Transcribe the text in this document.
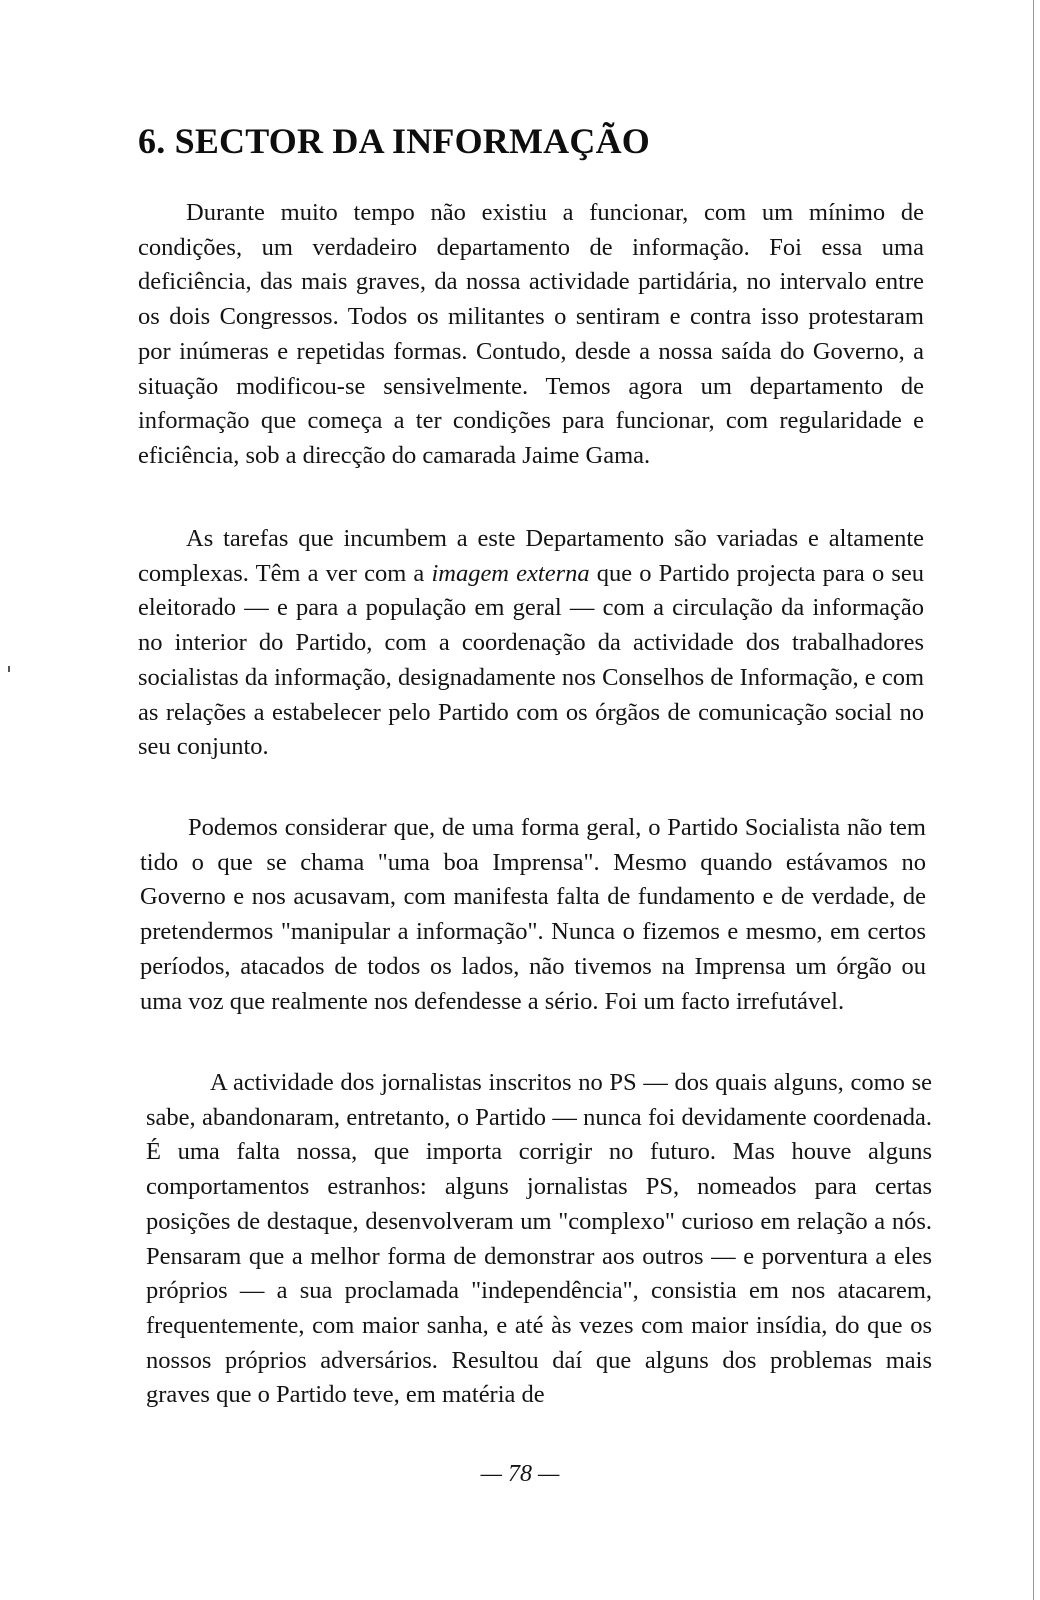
6. SECTOR DA INFORMAÇÃO

Durante muito tempo não existiu a funcionar, com um mínimo de condições, um verdadeiro departamento de informação. Foi essa uma deficiência, das mais graves, da nossa actividade partidária, no intervalo entre os dois Congressos. Todos os militantes o sentiram e contra isso protestaram por inúmeras e repetidas formas. Contudo, desde a nossa saída do Governo, a situação modificou-se sensivelmente. Temos agora um departamento de informação que começa a ter condições para funcionar, com regularidade e eficiência, sob a direcção do camarada Jaime Gama.

As tarefas que incumbem a este Departamento são variadas e altamente complexas. Têm a ver com a imagem externa que o Partido projecta para o seu eleitorado — e para a população em geral — com a circulação da informação no interior do Partido, com a coordenação da actividade dos trabalhadores socialistas da informação, designadamente nos Conselhos de Informação, e com as relações a estabelecer pelo Partido com os órgãos de comunicação social no seu conjunto.

Podemos considerar que, de uma forma geral, o Partido Socialista não tem tido o que se chama "uma boa Imprensa". Mesmo quando estávamos no Governo e nos acusavam, com manifesta falta de fundamento e de verdade, de pretendermos "manipular a informação". Nunca o fizemos e mesmo, em certos períodos, atacados de todos os lados, não tivemos na Imprensa um órgão ou uma voz que realmente nos defendesse a sério. Foi um facto irrefutável.

A actividade dos jornalistas inscritos no PS — dos quais alguns, como se sabe, abandonaram, entretanto, o Partido — nunca foi devidamente coordenada. É uma falta nossa, que importa corrigir no futuro. Mas houve alguns comportamentos estranhos: alguns jornalistas PS, nomeados para certas posições de destaque, desenvolveram um "complexo" curioso em relação a nós. Pensaram que a melhor forma de demonstrar aos outros — e porventura a eles próprios — a sua proclamada "independência", consistia em nos atacarem, frequentemente, com maior sanha, e até às vezes com maior insídia, do que os nossos próprios adversários. Resultou daí que alguns dos problemas mais graves que o Partido teve, em matéria de

— 78 —
